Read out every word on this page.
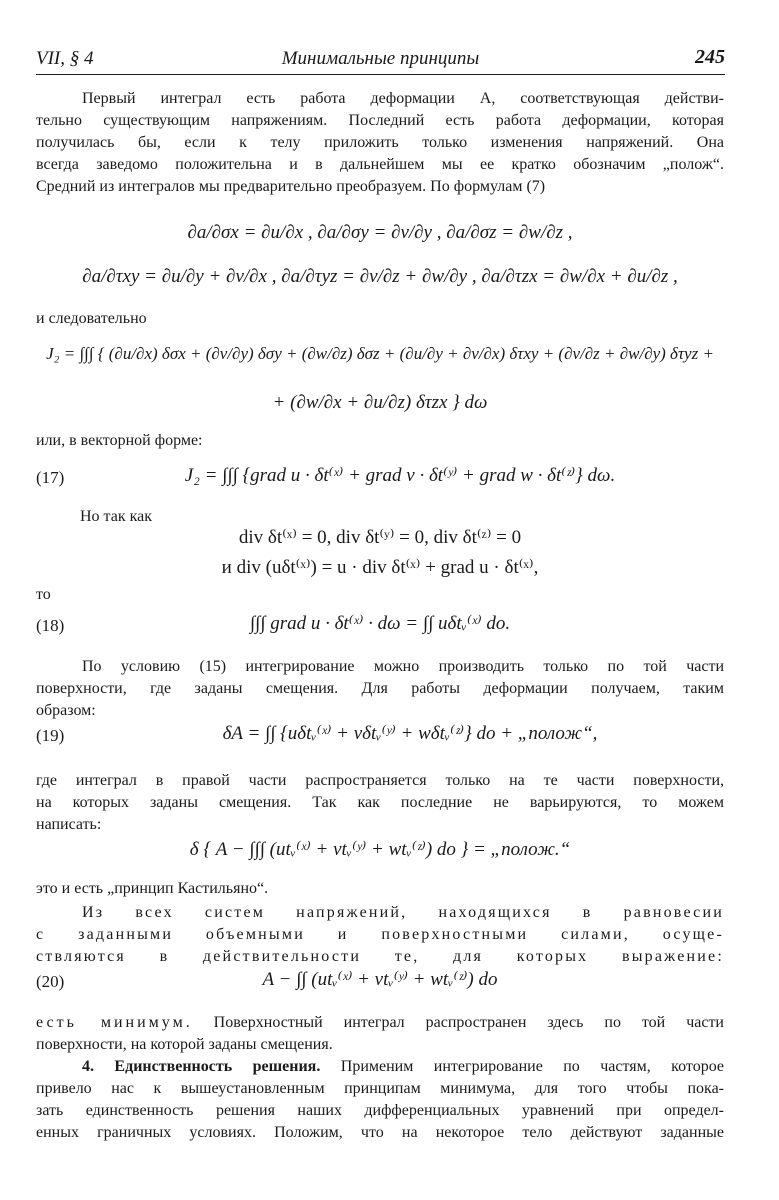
VII, § 4	Минимальные принципы	245
Первый интеграл есть работа деформации A, соответствующая действи-
тельно существующим напряжениям. Последний есть работа деформации, которая
получилась бы, если к телу приложить только изменения напряжений. Она
всегда заведомо положительна и в дальнейшем мы ее кратко обозначим „полож“.
Средний из интегралов мы предварительно преобразуем. По формулам (7)
∂a/∂σx = ∂u/∂x , ∂a/∂σy = ∂v/∂y , ∂a/∂σz = ∂w/∂z ,
∂a/∂τxy = ∂u/∂y + ∂v/∂x , ∂a/∂τyz = ∂v/∂z + ∂w/∂y , ∂a/∂τzx = ∂w/∂x + ∂u/∂z ,
и следовательно
J₂ = ∫∫∫ { (∂u/∂x) δσx + (∂v/∂y) δσy + (∂w/∂z) δσz + (∂u/∂y + ∂v/∂x) δτxy + (∂v/∂z + ∂w/∂y) δτyz +
+ (∂w/∂x + ∂u/∂z) δτzx } dω
или, в векторной форме:
(17)	J₂ = ∫∫∫ {grad u · δt⁽ˣ⁾ + grad v · δt⁽ʸ⁾ + grad w · δt⁽ᶻ⁾} dω.
Но так как
div δt⁽ˣ⁾ = 0, div δt⁽ʸ⁾ = 0, div δt⁽ᶻ⁾ = 0
и div (uδt⁽ˣ⁾) = u · div δt⁽ˣ⁾ + grad u · δt⁽ˣ⁾,
то
(18)	∫∫∫ grad u · δt⁽ˣ⁾ · dω = ∫∫ uδtᵥ⁽ˣ⁾ do.
По условию (15) интегрирование можно производить только по той части
поверхности, где заданы смещения. Для работы деформации получаем, таким
образом:
(19)	δA = ∫∫ {uδtᵥ⁽ˣ⁾ + vδtᵥ⁽ʸ⁾ + wδtᵥ⁽ᶻ⁾} do + „полож“,
где интеграл в правой части распространяется только на те части поверхности,
на которых заданы смещения. Так как последние не варьируются, то можем
написать:
δ { A − ∫∫∫ (utᵥ⁽ˣ⁾ + vtᵥ⁽ʸ⁾ + wtᵥ⁽ᶻ⁾) do } = „полож.“
это и есть „принцип Кастильяно“.
Из всех систем напряжений, находящихся в равновесии
с заданными объемными и поверхностными силами, осуще-
ствляются в действительности те, для которых выражение:
(20)	A − ∫∫ (utᵥ⁽ˣ⁾ + vtᵥ⁽ʸ⁾ + wtᵥ⁽ᶻ⁾) do
есть минимум. Поверхностный интеграл распространен здесь по той части
поверхности, на которой заданы смещения.
4. Единственность решения. Применим интегрирование по частям, которое
привело нас к вышеустановленным принципам минимума, для того чтобы пока-
зать единственность решения наших дифференциальных уравнений при определ-
енных граничных условиях. Положим, что на некоторое тело действуют заданные
